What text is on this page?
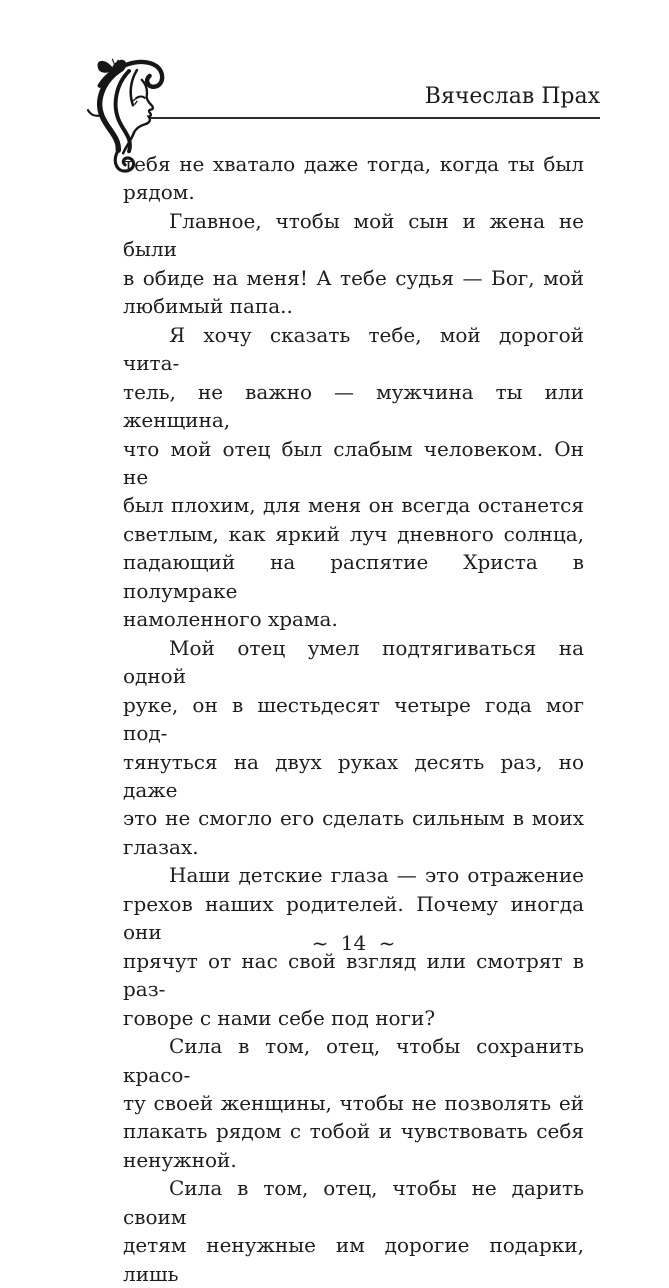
Вячеслав Прах
тебя не хватало даже тогда, когда ты был
рядом.
Главное, чтобы мой сын и жена не были
в обиде на меня! А тебе судья — Бог, мой
любимый папа..
Я хочу сказать тебе, мой дорогой чита-
тель, не важно — мужчина ты или женщина,
что мой отец был слабым человеком. Он не
был плохим, для меня он всегда останется
светлым, как яркий луч дневного солнца,
падающий на распятие Христа в полумраке
намоленного храма.
Мой отец умел подтягиваться на одной
руке, он в шестьдесят четыре года мог под-
тянуться на двух руках десять раз, но даже
это не смогло его сделать сильным в моих
глазах.
Наши детские глаза — это отражение
грехов наших родителей. Почему иногда они
прячут от нас свой взгляд или смотрят в раз-
говоре с нами себе под ноги?
Сила в том, отец, чтобы сохранить красо-
ту своей женщины, чтобы не позволять ей
плакать рядом с тобой и чувствовать себя
ненужной.
Сила в том, отец, чтобы не дарить своим
детям ненужные им дорогие подарки, лишь
~ 14 ~
